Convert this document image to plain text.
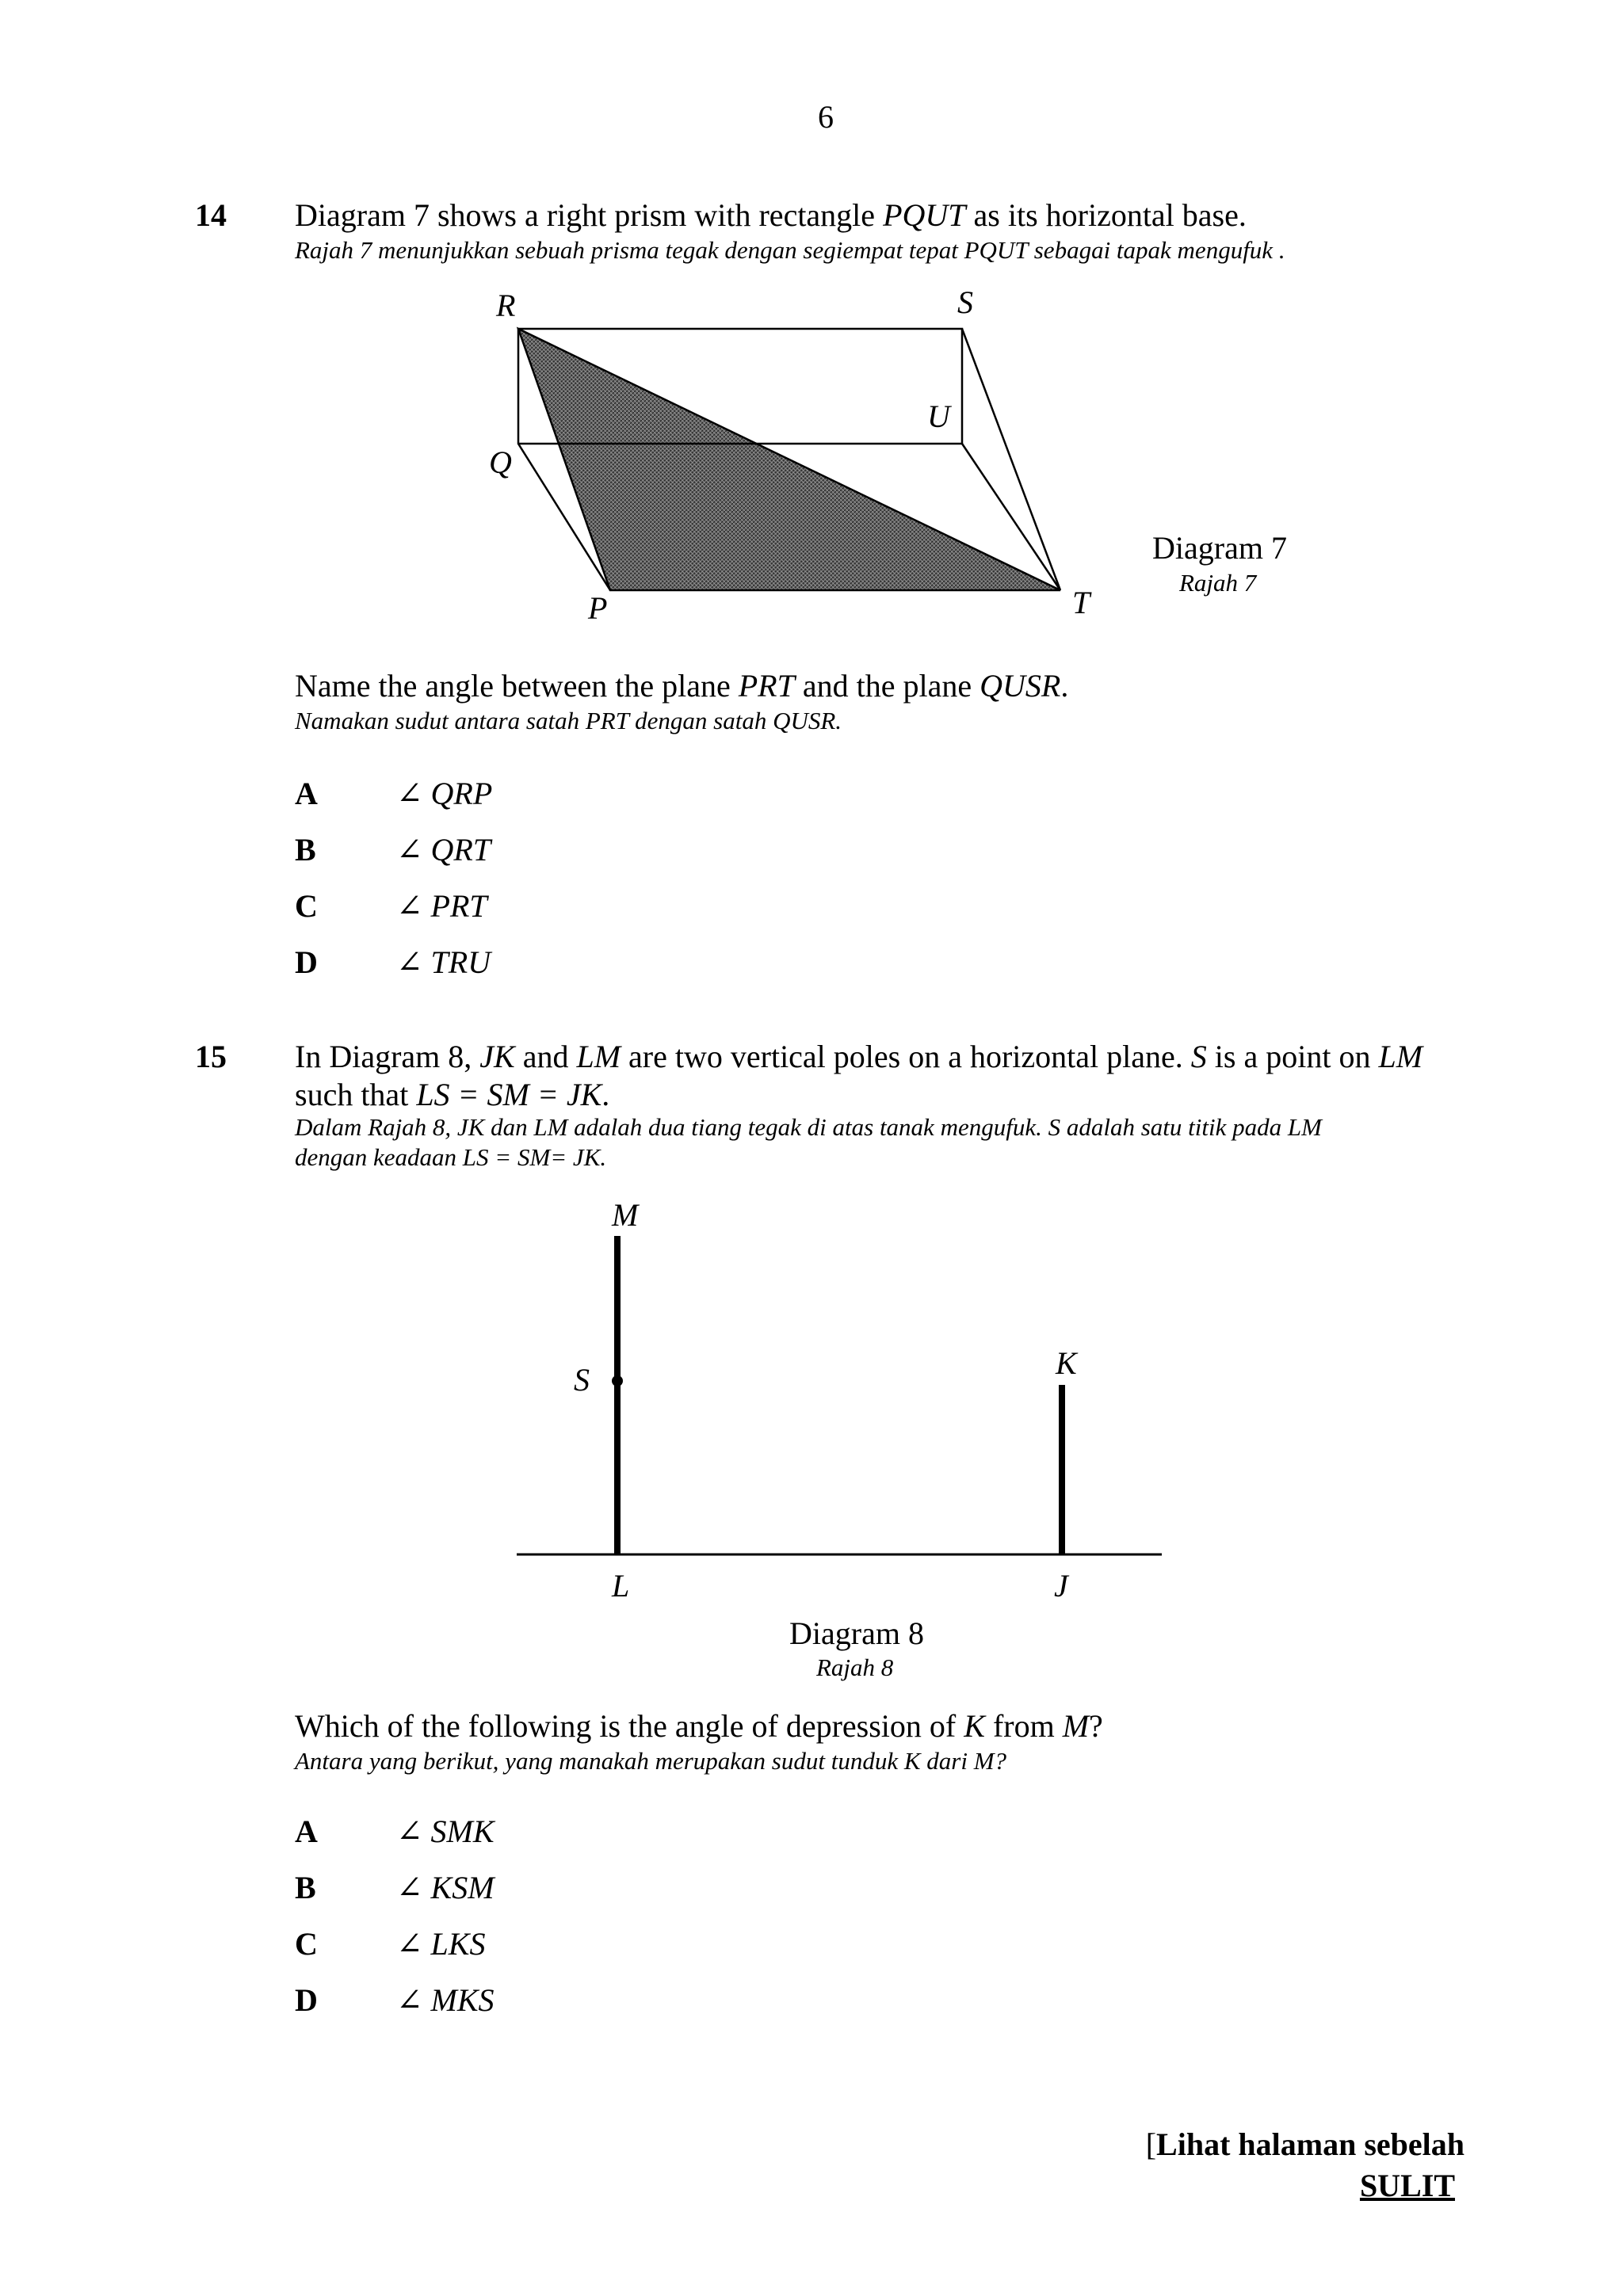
6
14 Diagram 7 shows a right prism with rectangle PQUT as its horizontal base.
Rajah 7 menunjukkan sebuah prisma tegak dengan segiempat tepat PQUT sebagai tapak mengufuk .
R	S
U
Q
P	T
Diagram 7
Rajah 7
Name the angle between the plane PRT and the plane QUSR.
Namakan sudut antara satah PRT dengan satah QUSR.
A ∠ QRP
B	∠ QRT
C ∠ PRT
D ∠ TRU
15 In Diagram 8, JK and LM are two vertical poles on a horizontal plane. S is a point on LM
such that LS = SM = JK.
Dalam Rajah 8, JK dan LM adalah dua tiang tegak di atas tanak mengufuk. S adalah satu titik pada LM
dengan keadaan LS = SM= JK.
M
S	K
L	J
Diagram 8
Rajah 8
Which of the following is the angle of depression of K from M?
Antara yang berikut, yang manakah merupakan sudut tunduk K dari M?
A ∠ SMK
B	∠ KSM
C ∠ LKS
D ∠ MKS
[Lihat halaman sebelah
SULIT
